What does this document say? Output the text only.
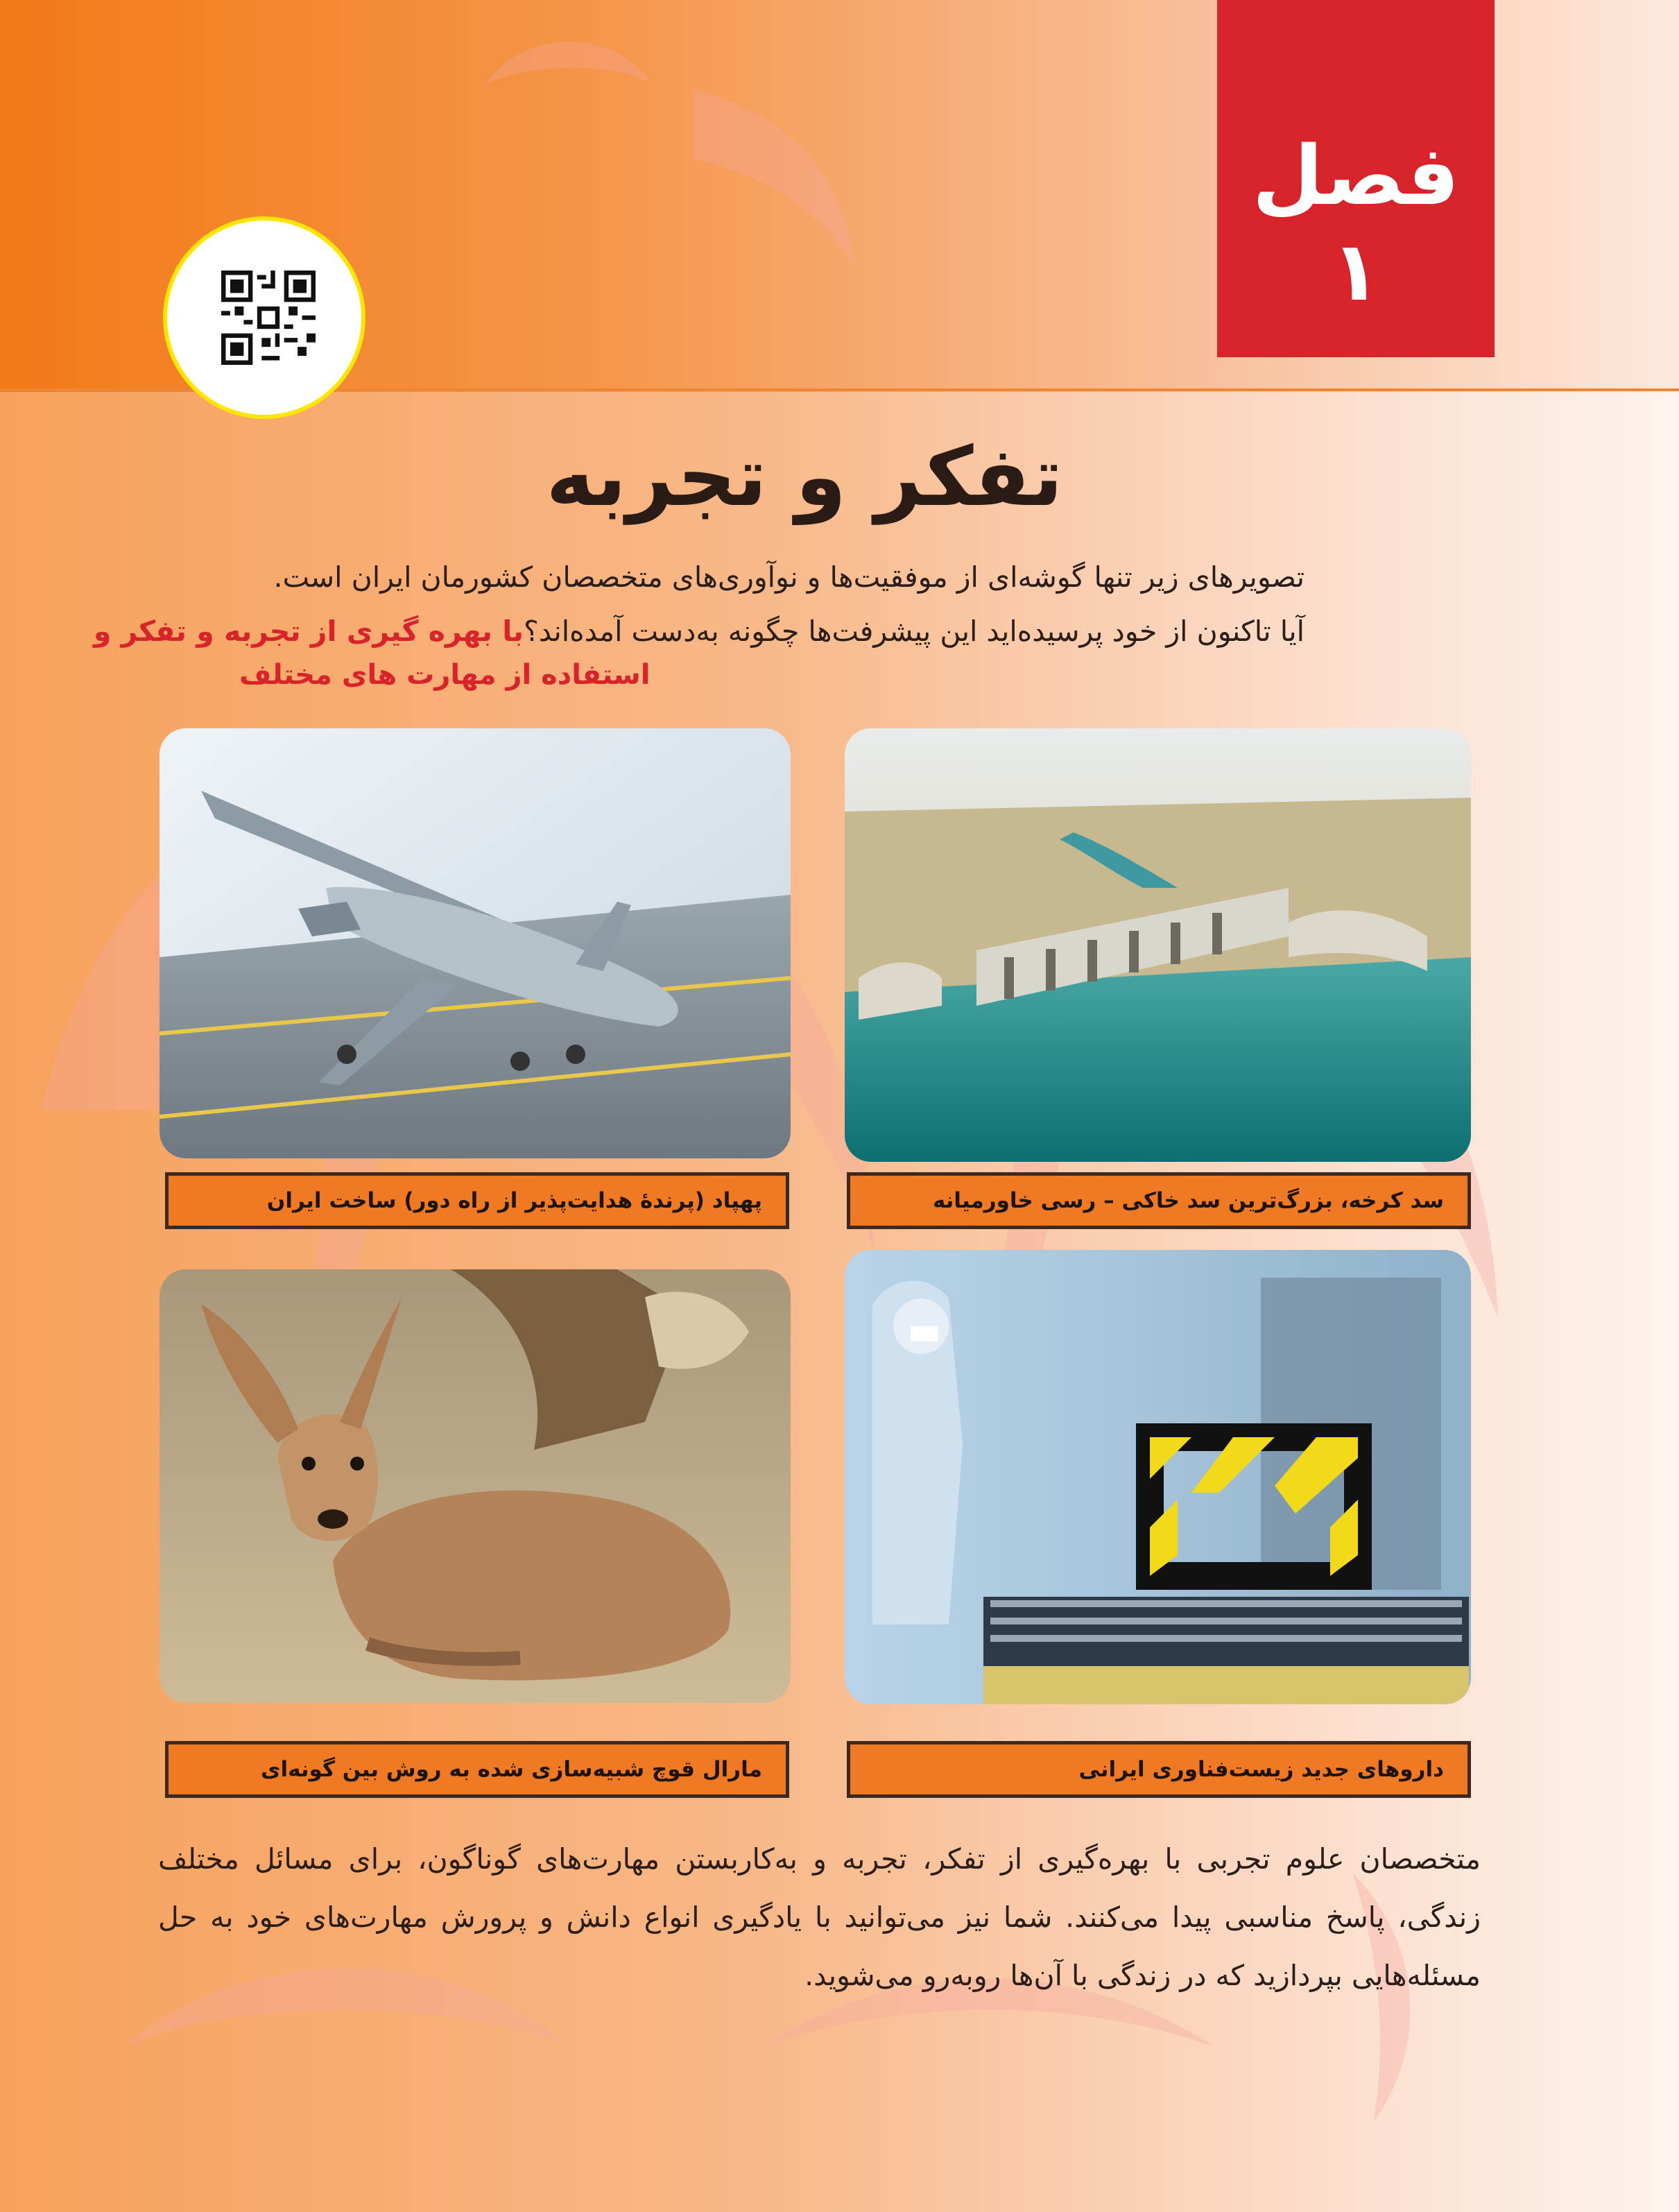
فصل ۱
تفکر و تجربه
تصویرهای زیر تنها گوشه‌ای از موفقیت‌ها و نوآوری‌های متخصصان کشورمان ایران است.
آیا تاکنون از خود پرسیده‌اید این پیشرفت‌ها چگونه به‌دست آمده‌اند؟با بهره گیری از تجربه و تفکر و
استفاده از مهارت های مختلف
سد کرخه، بزرگ‌ترین سد خاکی – رسی خاورمیانه
پهپاد (پرندهٔ هدایت‌پذیر از راه دور) ساخت ایران
داروهای جدید زیست‌فناوری ایرانی
مارال قوچ شبیه‌سازی شده به روش بین گونه‌ای
متخصصان علوم تجربی با بهره‌گیری از تفکر، تجربه و به‌کاربستن مهارت‌های گوناگون، برای مسائل مختلف زندگی، پاسخ مناسبی پیدا می‌کنند. شما نیز می‌توانید با یادگیری انواع دانش و پرورش مهارت‌های خود به حل مسئله‌هایی بپردازید که در زندگی با آن‌ها روبه‌رو می‌شوید.
